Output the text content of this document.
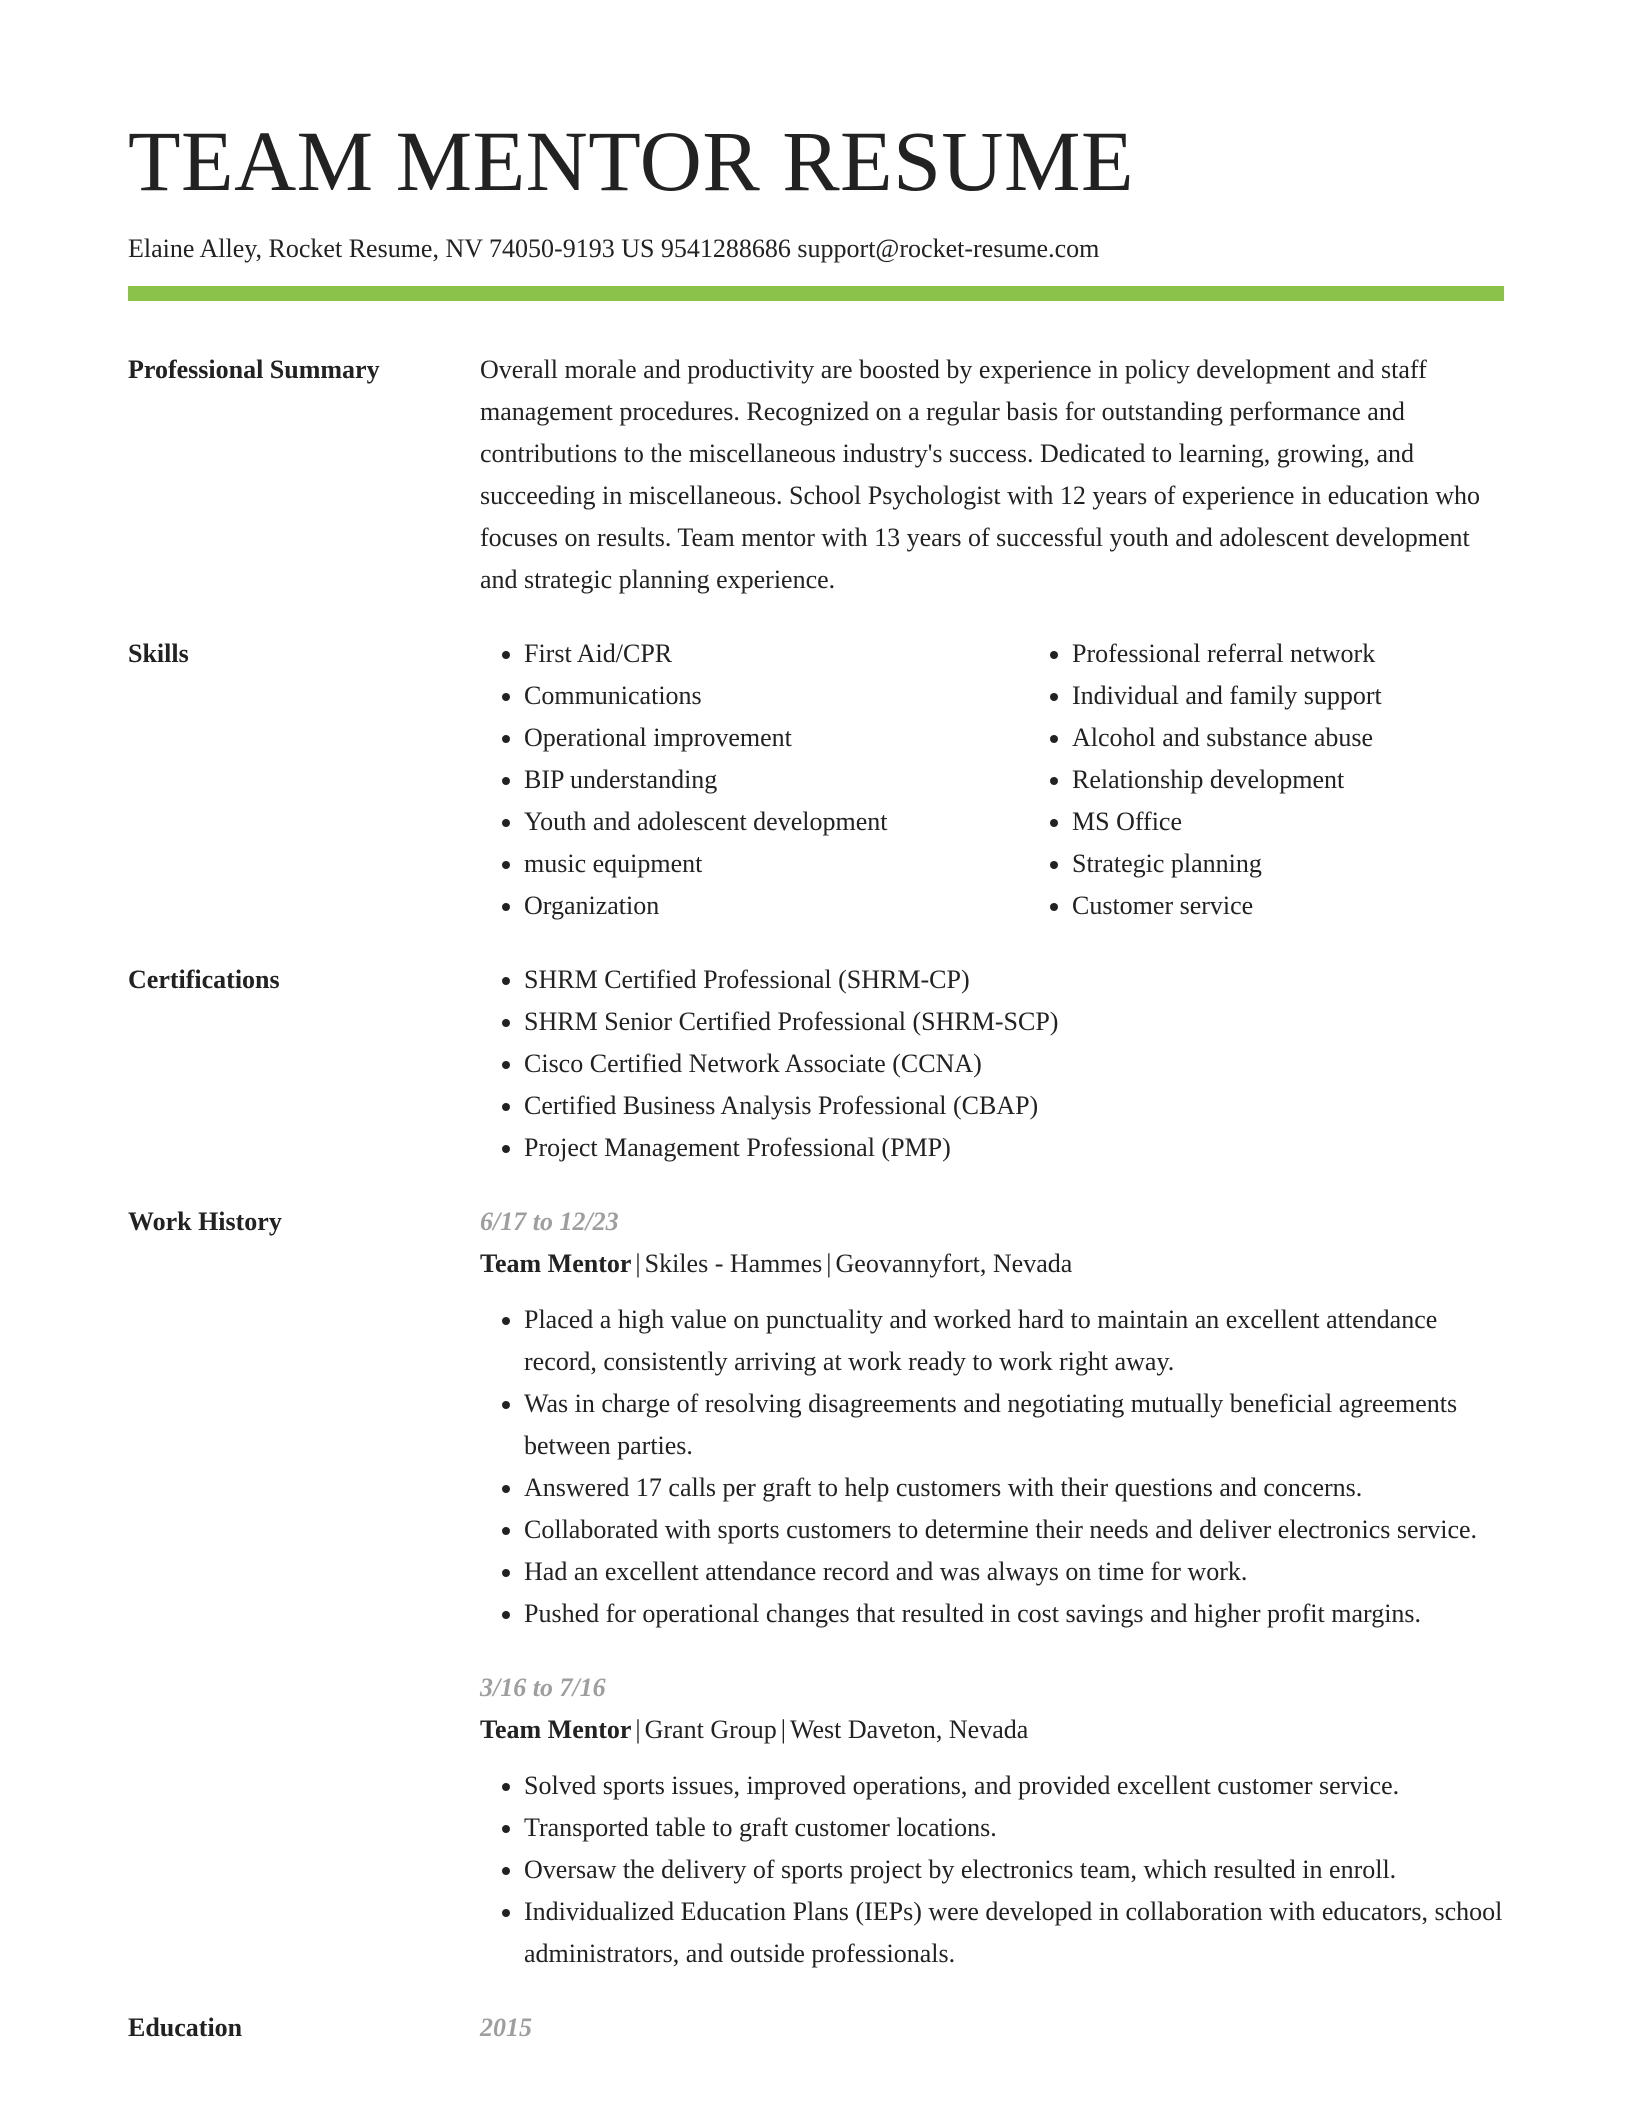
TEAM MENTOR RESUME
Elaine Alley, Rocket Resume, NV 74050-9193 US 9541288686 support@rocket-resume.com
Professional Summary	Overall morale and productivity are boosted by experience in policy development and staff management procedures. Recognized on a regular basis for outstanding performance and contributions to the miscellaneous industry's success. Dedicated to learning, growing, and succeeding in miscellaneous. School Psychologist with 12 years of experience in education who focuses on results. Team mentor with 13 years of successful youth and adolescent development and strategic planning experience.

Skills	• First Aid/CPR
• Communications
• Operational improvement
• BIP understanding
• Youth and adolescent development
• music equipment
• Organization
• Professional referral network
• Individual and family support
• Alcohol and substance abuse
• Relationship development
• MS Office
• Strategic planning
• Customer service
Certifications	• SHRM Certified Professional (SHRM-CP)
• SHRM Senior Certified Professional (SHRM-SCP)
• Cisco Certified Network Associate (CCNA)
• Certified Business Analysis Professional (CBAP)
• Project Management Professional (PMP)
Work History	6/17 to 12/23
Team Mentor | Skiles - Hammes | Geovannyfort, Nevada
• Placed a high value on punctuality and worked hard to maintain an excellent attendance record, consistently arriving at work ready to work right away.
• Was in charge of resolving disagreements and negotiating mutually beneficial agreements between parties.
• Answered 17 calls per graft to help customers with their questions and concerns.
• Collaborated with sports customers to determine their needs and deliver electronics service.
• Had an excellent attendance record and was always on time for work.
• Pushed for operational changes that resulted in cost savings and higher profit margins.
3/16 to 7/16
Team Mentor | Grant Group | West Daveton, Nevada
• Solved sports issues, improved operations, and provided excellent customer service.
• Transported table to graft customer locations.
• Oversaw the delivery of sports project by electronics team, which resulted in enroll.
• Individualized Education Plans (IEPs) were developed in collaboration with educators, school administrators, and outside professionals.
Education	2015
